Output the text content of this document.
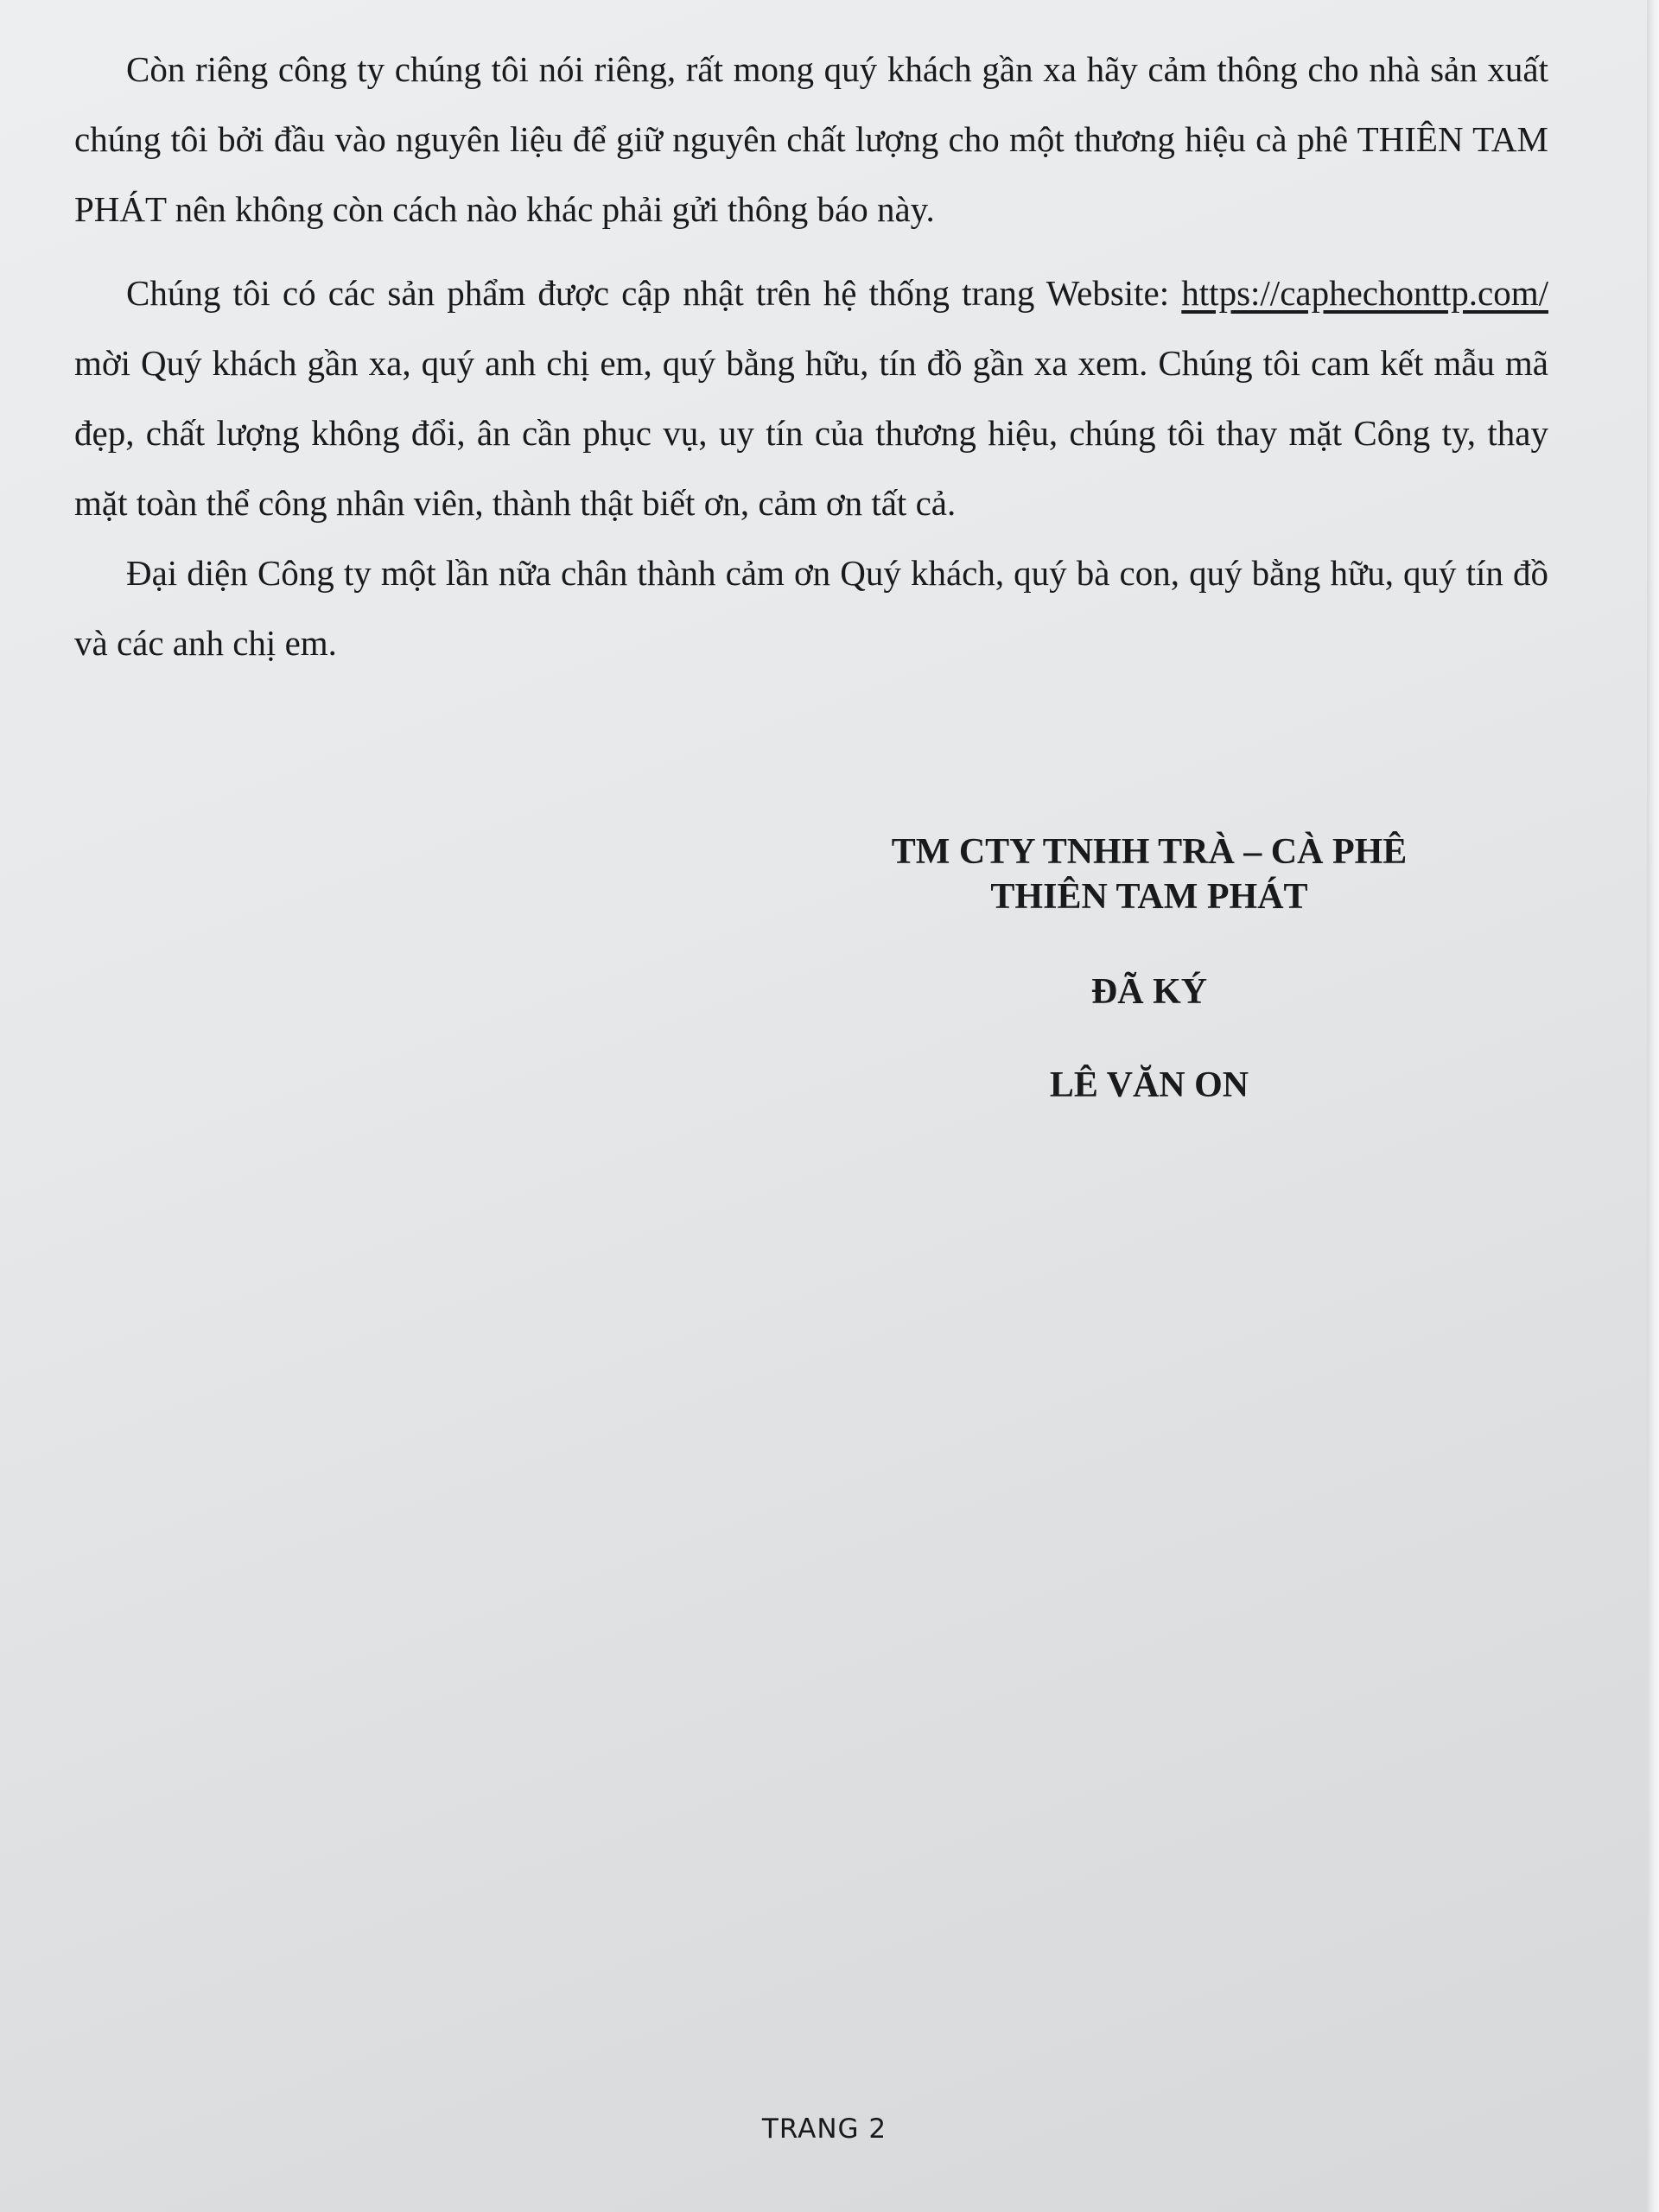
Còn riêng công ty chúng tôi nói riêng, rất mong quý khách gần xa hãy cảm thông cho nhà sản xuất chúng tôi bởi đầu vào nguyên liệu để giữ nguyên chất lượng cho một thương hiệu cà phê THIÊN TAM PHÁT nên không còn cách nào khác phải gửi thông báo này.

Chúng tôi có các sản phẩm được cập nhật trên hệ thống trang Website: https://caphechonttp.com/ mời Quý khách gần xa, quý anh chị em, quý bằng hữu, tín đồ gần xa xem. Chúng tôi cam kết mẫu mã đẹp, chất lượng không đổi, ân cần phục vụ, uy tín của thương hiệu, chúng tôi thay mặt Công ty, thay mặt toàn thể công nhân viên, thành thật biết ơn, cảm ơn tất cả.

Đại diện Công ty một lần nữa chân thành cảm ơn Quý khách, quý bà con, quý bằng hữu, quý tín đồ và các anh chị em.

TM CTY TNHH TRÀ – CÀ PHÊ
THIÊN TAM PHÁT
ĐÃ KÝ
LÊ VĂN ON
TRANG 2
